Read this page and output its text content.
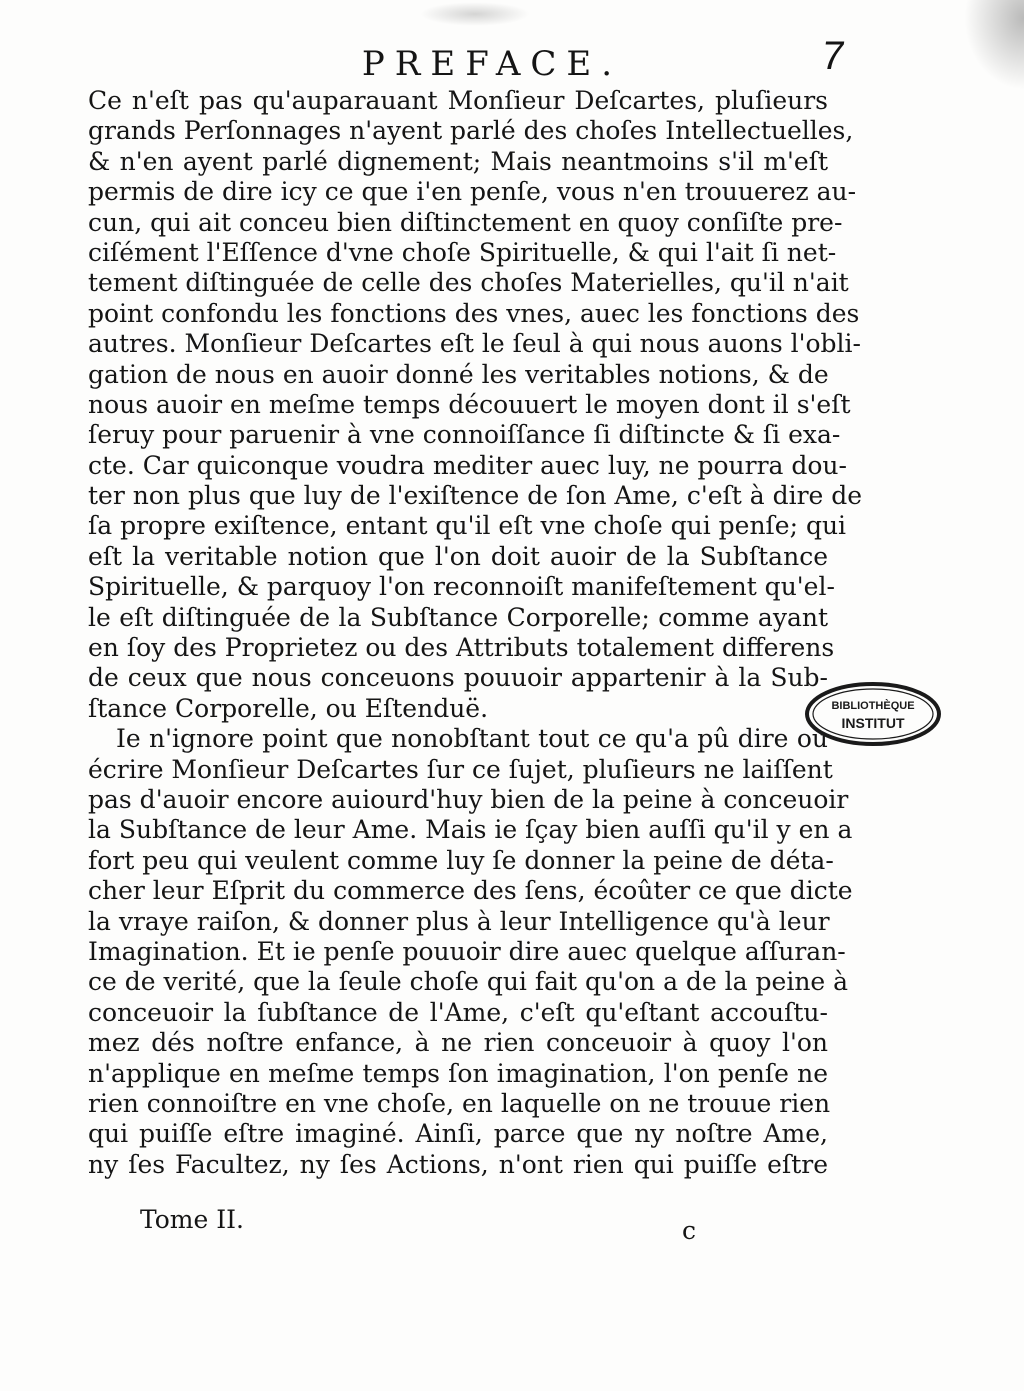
PREFACE.	7
Ce n'eſt pas qu'auparauant Monſieur Deſcartes, pluſieurs
grands Perſonnages n'ayent parlé des choſes Intellectuelles,
& n'en ayent parlé dignement; Mais neantmoins s'il m'eſt
permis de dire icy ce que i'en penſe, vous n'en trouuerez au-
cun, qui ait conceu bien diſtinctement en quoy conſiſte pre-
ciſément l'Eſſence d'vne choſe Spirituelle, & qui l'ait ſi net-
tement diſtinguée de celle des choſes Materielles, qu'il n'ait
point confondu les fonctions des vnes, auec les fonctions des
autres. Monſieur Deſcartes eſt le ſeul à qui nous auons l'obli-
gation de nous en auoir donné les veritables notions, & de
nous auoir en meſme temps découuert le moyen dont il s'eſt
ſeruy pour paruenir à vne connoiſſance ſi diſtincte & ſi exa-
cte. Car quiconque voudra mediter auec luy, ne pourra dou-
ter non plus que luy de l'exiſtence de ſon Ame, c'eſt à dire de
ſa propre exiſtence, entant qu'il eſt vne choſe qui penſe; qui
eſt la veritable notion que l'on doit auoir de la Subſtance
Spirituelle, & parquoy l'on reconnoiſt manifeſtement qu'el-
le eſt diſtinguée de la Subſtance Corporelle; comme ayant
en ſoy des Proprietez ou des Attributs totalement differens
de ceux que nous conceuons pouuoir appartenir à la Sub-
ſtance Corporelle, ou Eſtenduë.
Ie n'ignore point que nonobſtant tout ce qu'a pû dire ou
écrire Monſieur Deſcartes ſur ce ſujet, pluſieurs ne laiſſent
pas d'auoir encore auiourd'huy bien de la peine à conceuoir
la Subſtance de leur Ame. Mais ie ſçay bien auſſi qu'il y en a
fort peu qui veulent comme luy ſe donner la peine de déta-
cher leur Eſprit du commerce des ſens, écoûter ce que dicte
la vraye raiſon, & donner plus à leur Intelligence qu'à leur
Imagination. Et ie penſe pouuoir dire auec quelque aſſuran-
ce de verité, que la ſeule choſe qui fait qu'on a de la peine à
conceuoir la ſubſtance de l'Ame, c'eſt qu'eſtant accouſtu-
mez dés noſtre enfance, à ne rien conceuoir à quoy l'on
n'applique en meſme temps ſon imagination, l'on penſe ne
rien connoiſtre en vne choſe, en laquelle on ne trouue rien
qui puiſſe eſtre imaginé. Ainſi, parce que ny noſtre Ame,
ny ſes Facultez, ny ſes Actions, n'ont rien qui puiſſe eſtre
Tome II.	c
BIBLIOTHÈQUE
INSTITUT
